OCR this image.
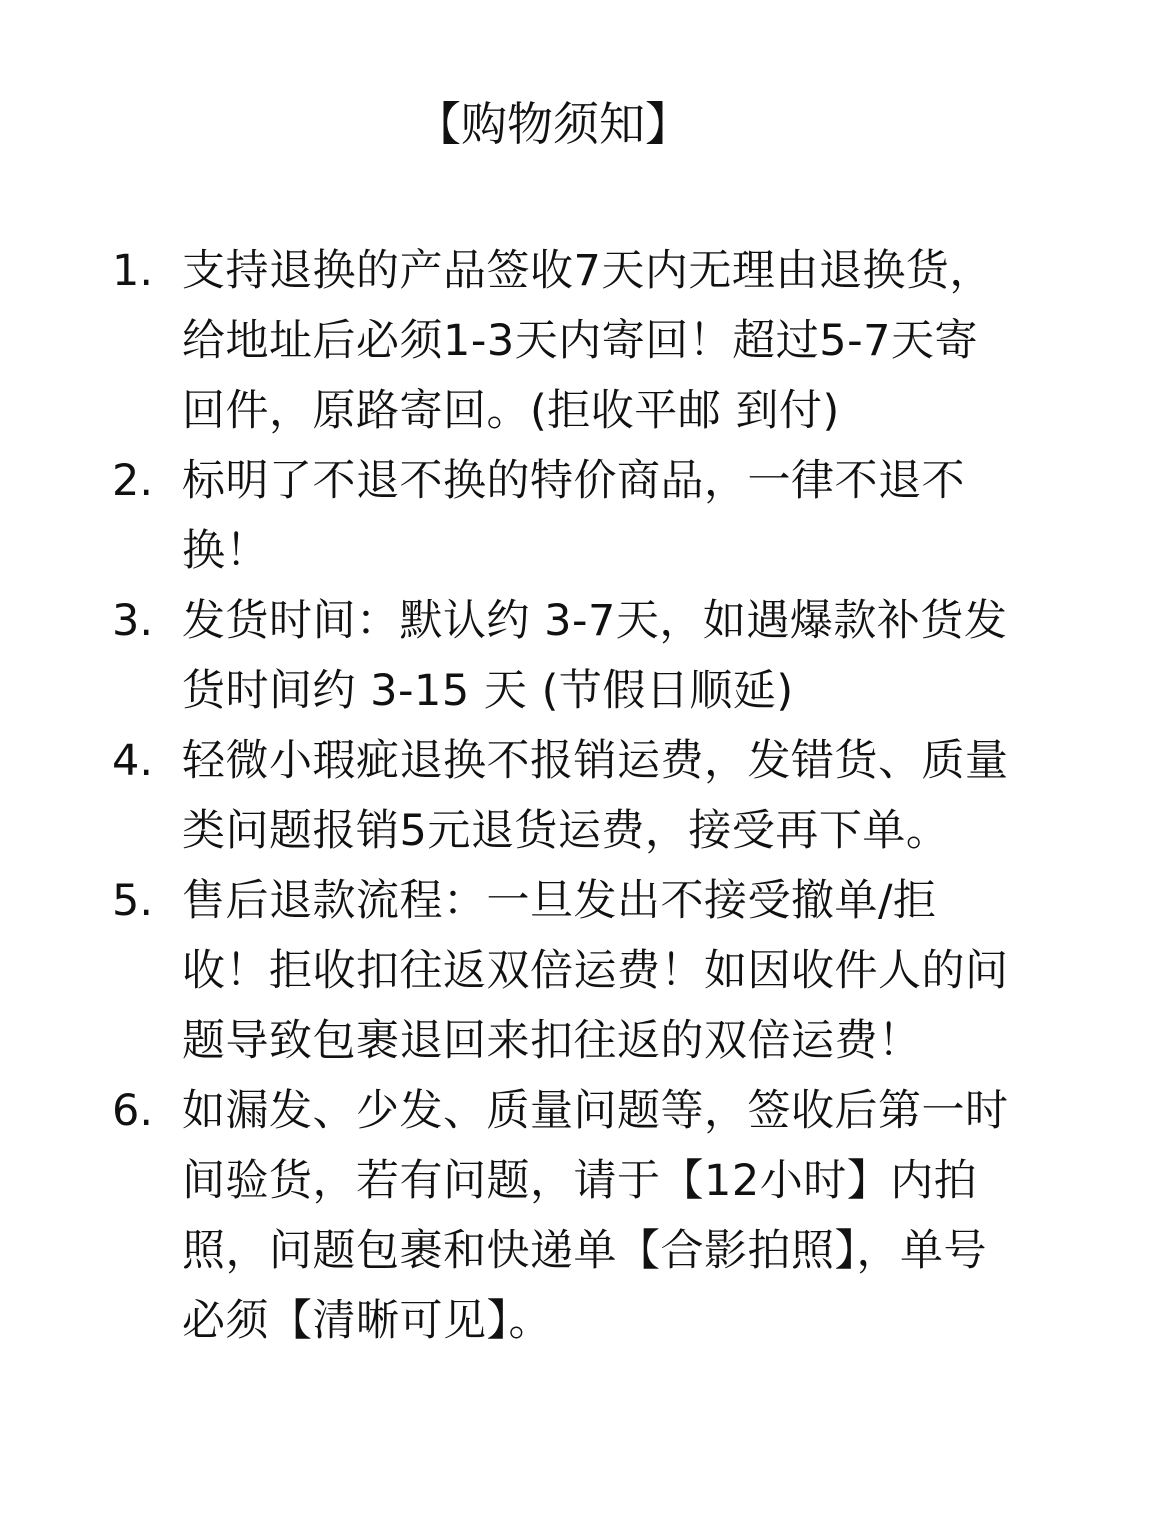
【购物须知】
1. 支持退换的产品签收7天内无理由退换货，
给地址后必须1-3天内寄回！超过5-7天寄
回件，原路寄回。(拒收平邮 到付)
2. 标明了不退不换的特价商品，一律不退不
换！
3. 发货时间：默认约 3-7天，如遇爆款补货发
货时间约 3-15 天 (节假日顺延)
4. 轻微小瑕疵退换不报销运费，发错货、质量
类问题报销5元退货运费，接受再下单。
5. 售后退款流程：一旦发出不接受撤单/拒
收！拒收扣往返双倍运费！如因收件人的问
题导致包裹退回来扣往返的双倍运费！
6. 如漏发、少发、质量问题等，签收后第一时
间验货，若有问题，请于【12小时】内拍
照，问题包裹和快递单【合影拍照】，单号
必须【清晰可见】。
